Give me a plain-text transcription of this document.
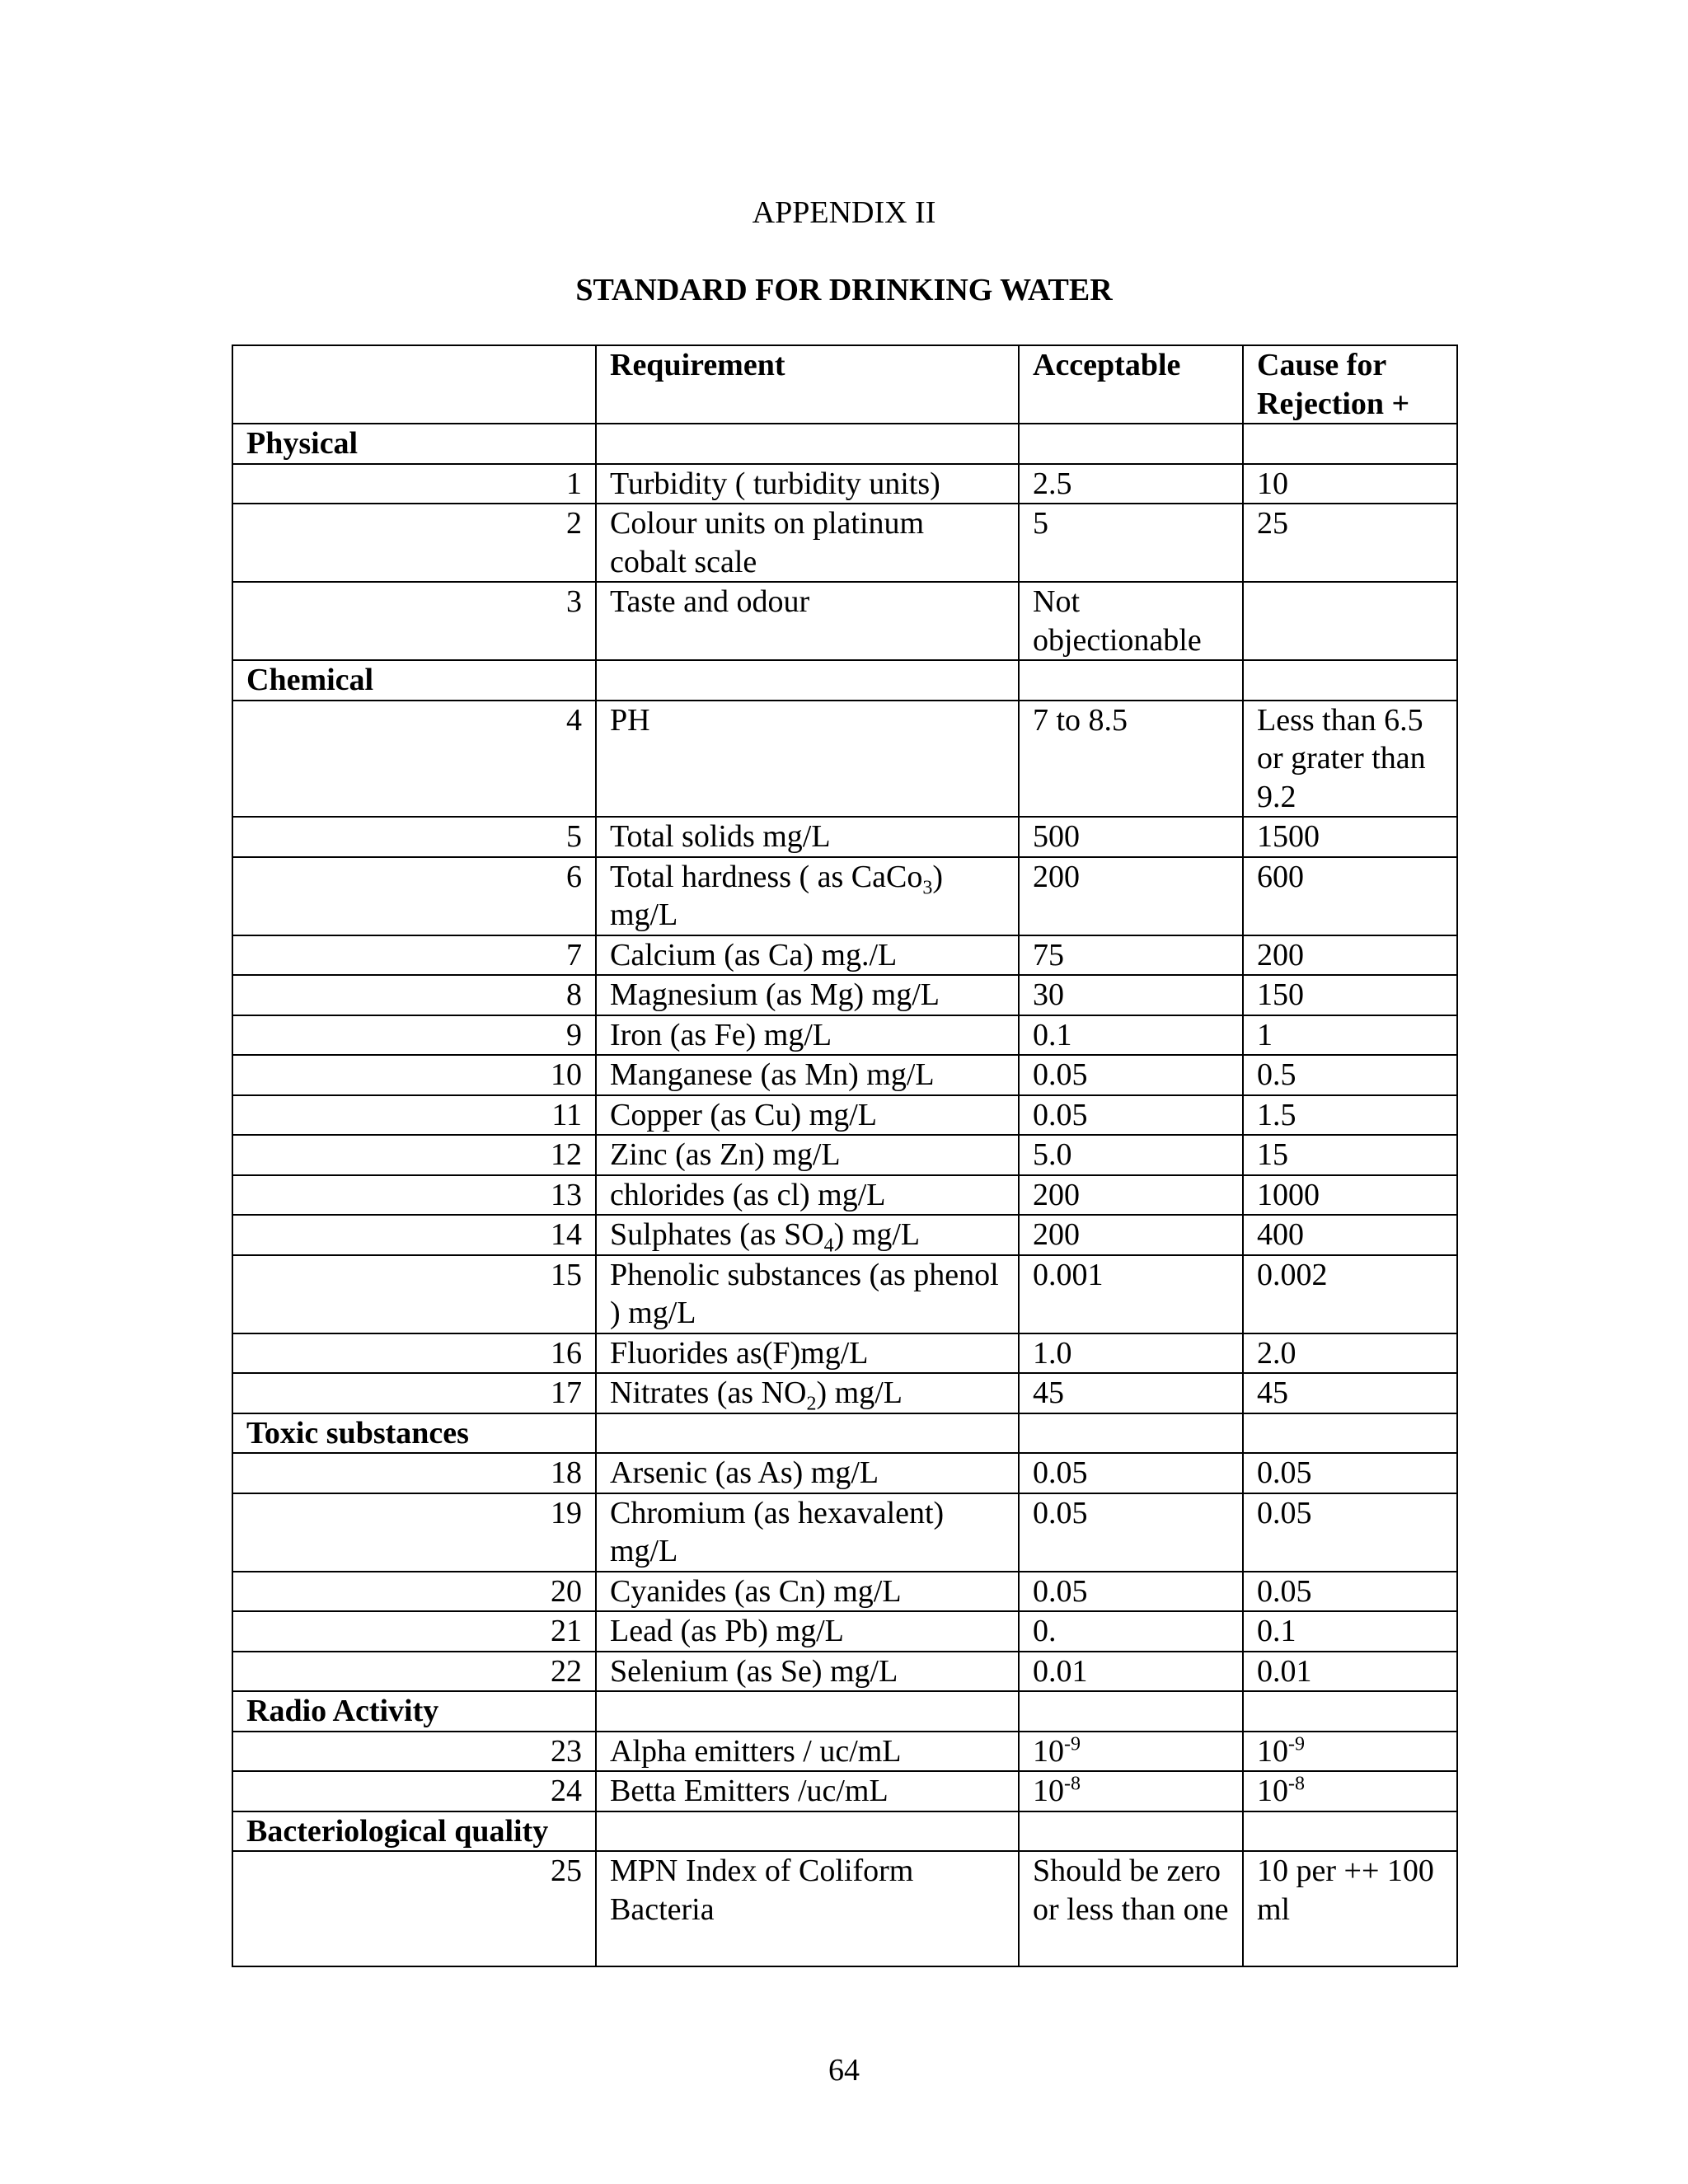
APPENDIX II
STANDARD FOR DRINKING WATER
	Requirement	Acceptable	Cause for Rejection +
Physical			
1	Turbidity ( turbidity units)	2.5	10
2	Colour units on platinum cobalt scale	5	25
3	Taste and odour	Not objectionable	
Chemical			
4	PH	7 to 8.5	Less than 6.5 or grater than 9.2
5	Total solids mg/L	500	1500
6	Total hardness ( as CaCo$_3$) mg/L	200	600
7	Calcium (as Ca) mg./L	75	200
8	Magnesium (as Mg) mg/L	30	150
9	Iron (as Fe) mg/L	0.1	1
10	Manganese (as Mn) mg/L	0.05	0.5
11	Copper (as Cu) mg/L	0.05	1.5
12	Zinc (as Zn) mg/L	5.0	15
13	chlorides (as cl) mg/L	200	1000
14	Sulphates (as $SO_4$) mg/L	200	400
15	Phenolic substances (as phenol ) mg/L	0.001	0.002
16	Fluorides as(F)mg/L	1.0	2.0
17	Nitrates (as $NO_2$) mg/L	45	45
Toxic substances			
18	Arsenic (as As) mg/L	0.05	0.05
19	Chromium (as hexavalent) mg/L	0.05	0.05
20	Cyanides (as Cn) mg/L	0.05	0.05
21	Lead (as Pb) mg/L	0.	0.1
22	Selenium (as Se) mg/L	0.01	0.01
Radio Activity			
23	Alpha emitters / uc/mL	$10^{-9}$	$10^{-9}$
24	Betta Emitters /uc/mL	$10^{-8}$	$10^{-8}$
Bacteriological quality			
25	MPN Index of Coliform Bacteria	Should be zero or less than one	10 per ++ 100 ml
64
